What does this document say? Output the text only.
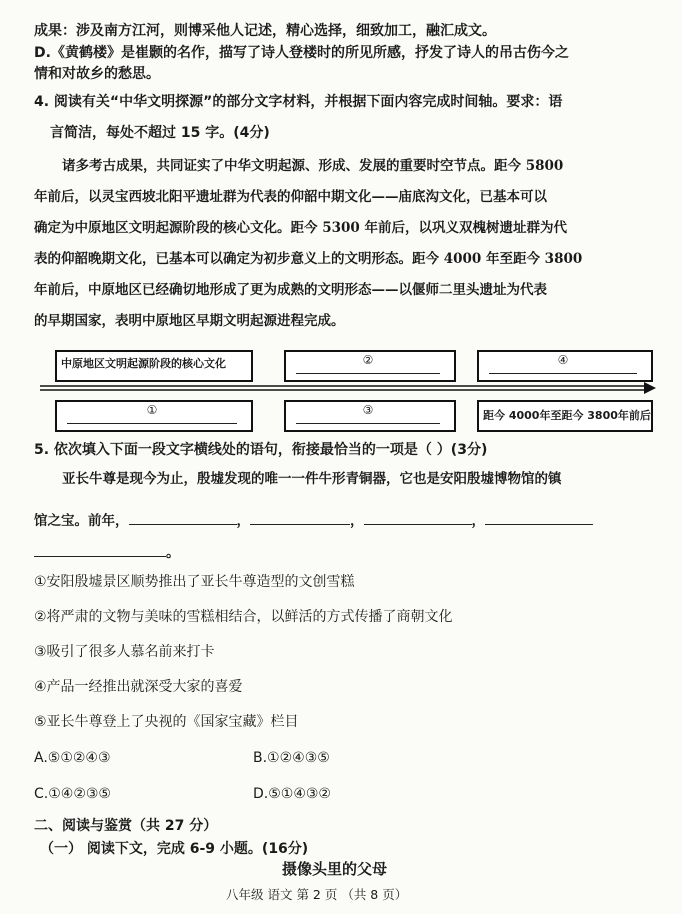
成果：涉及南方江河，则博采他人记述，精心选择，细致加工，融汇成文。
D.《黄鹤楼》是崔颢的名作，描写了诗人登楼时的所见所感，抒发了诗人的吊古伤今之
情和对故乡的愁思。
4. 阅读有关“中华文明探源”的部分文字材料，并根据下面内容完成时间轴。要求：语
言简洁，每处不超过 15 字。(4分)
诸多考古成果，共同证实了中华文明起源、形成、发展的重要时空节点。距今 5800
年前后，以灵宝西坡北阳平遗址群为代表的仰韶中期文化——庙底沟文化，已基本可以
确定为中原地区文明起源阶段的核心文化。距今 5300 年前后，以巩义双槐树遗址群为代
表的仰韶晚期文化，已基本可以确定为初步意义上的文明形态。距今 4000 年至距今 3800
年前后，中原地区已经确切地形成了更为成熟的文明形态——以偃师二里头遗址为代表
的早期国家，表明中原地区早期文明起源进程完成。
中原地区文明起源阶段的核心文化	②	④
①	③	距今 4000年至距今 3800年前后
5. 依次填入下面一段文字横线处的语句，衔接最恰当的一项是（ ）(3分)
亚长牛尊是现今为止，殷墟发现的唯一一件牛形青铜器，它也是安阳殷墟博物馆的镇
馆之宝。前年，	，	，	，
。
①安阳殷墟景区顺势推出了亚长牛尊造型的文创雪糕
②将严肃的文物与美味的雪糕相结合，以鲜活的方式传播了商朝文化
③吸引了很多人慕名前来打卡
④产品一经推出就深受大家的喜爱
⑤亚长牛尊登上了央视的《国家宝藏》栏目
A.⑤①②④③	B.①②④③⑤
C.①④②③⑤	D.⑤①④③②
二、阅读与鉴赏（共 27 分）
（一） 阅读下文，完成 6-9 小题。(16分)
摄像头里的父母
八年级 语文 第 2 页 （共 8 页）
